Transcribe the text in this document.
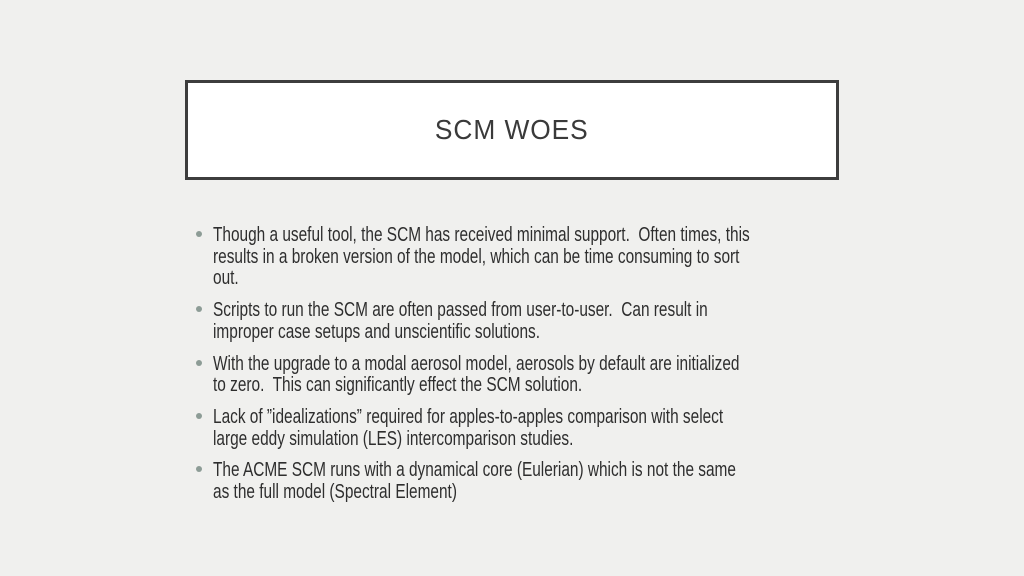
SCM WOES
Though a useful tool, the SCM has received minimal support.  Often times, this
results in a broken version of the model, which can be time consuming to sort
out.
Scripts to run the SCM are often passed from user-to-user.  Can result in
improper case setups and unscientific solutions.
With the upgrade to a modal aerosol model, aerosols by default are initialized
to zero.  This can significantly effect the SCM solution.
Lack of ”idealizations” required for apples-to-apples comparison with select
large eddy simulation (LES) intercomparison studies.
The ACME SCM runs with a dynamical core (Eulerian) which is not the same
as the full model (Spectral Element)
